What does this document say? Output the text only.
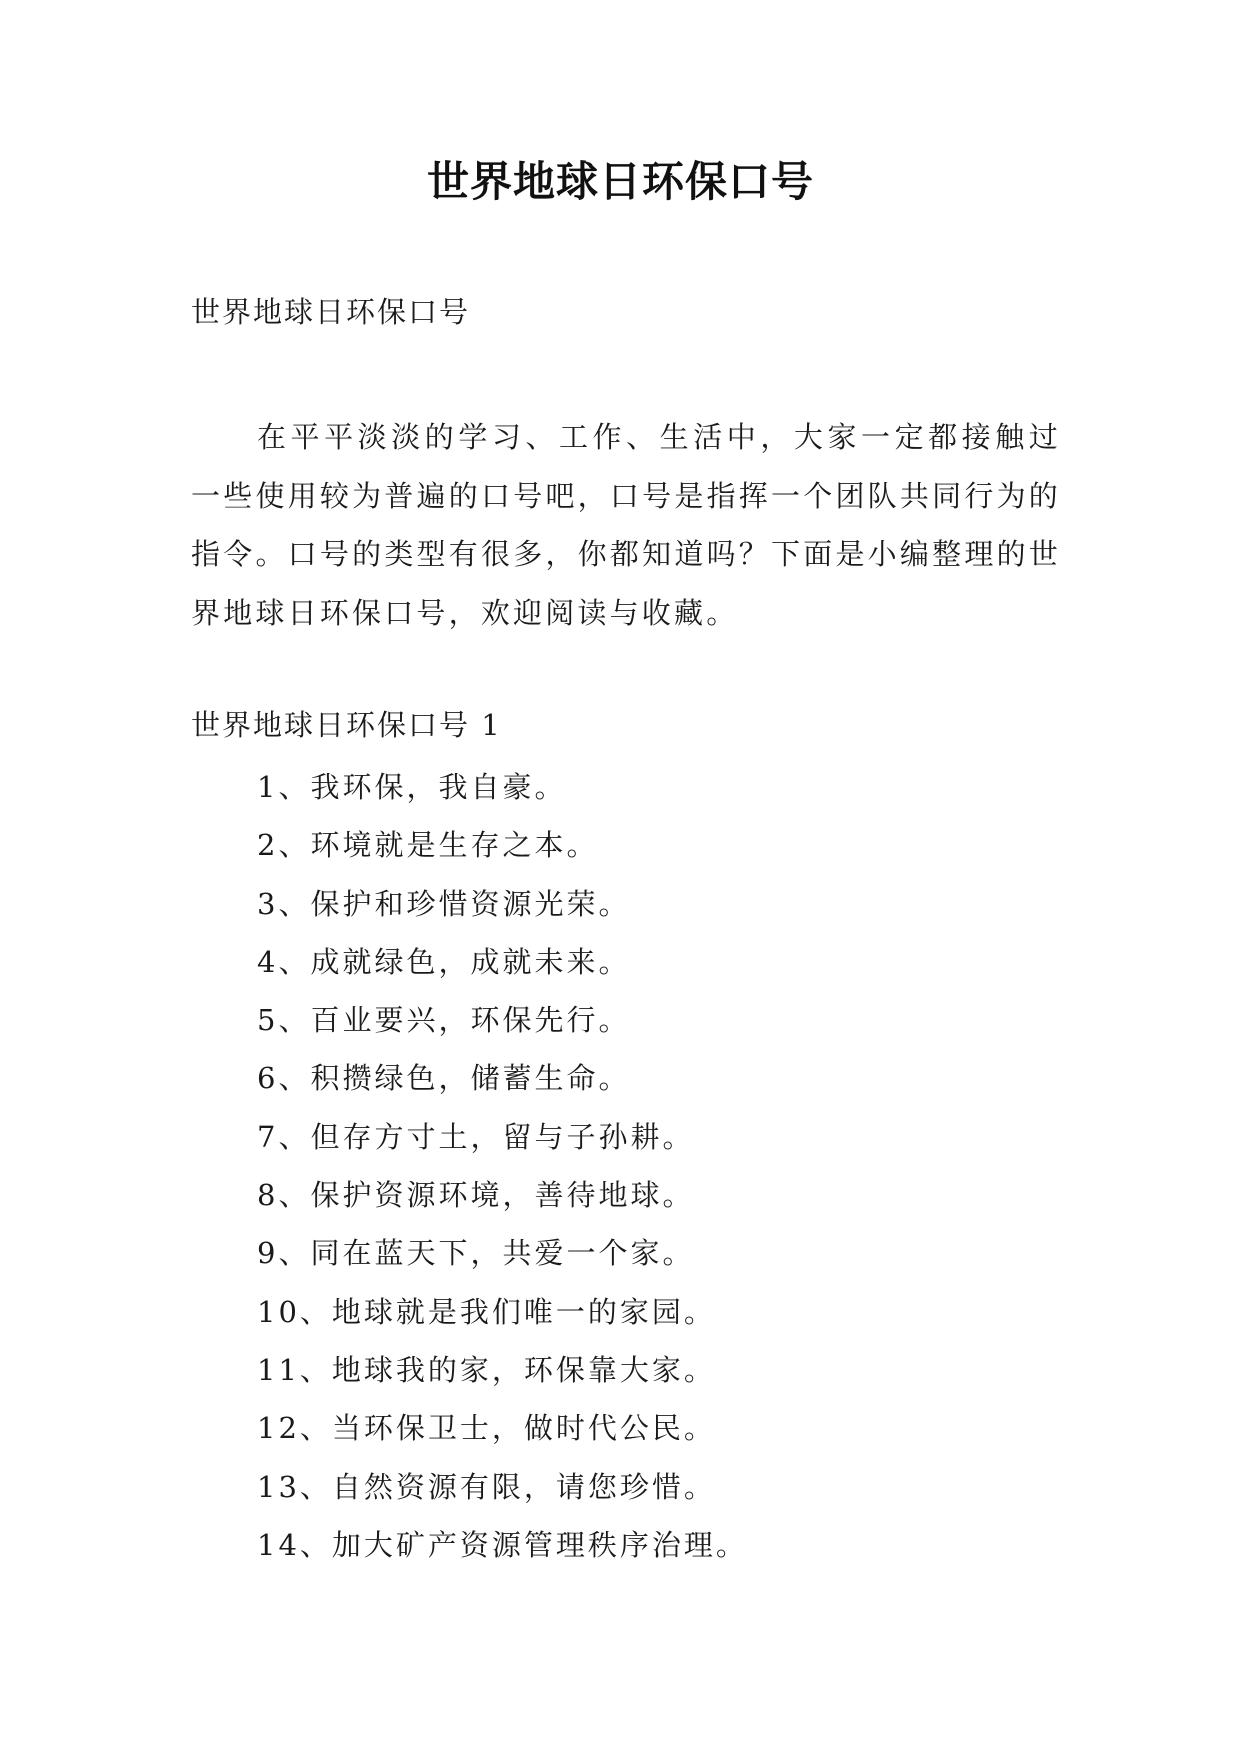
世界地球日环保口号

世界地球日环保口号

在平平淡淡的学习、工作、生活中，大家一定都接触过一些使用较为普遍的口号吧，口号是指挥一个团队共同行为的指令。口号的类型有很多，你都知道吗？下面是小编整理的世界地球日环保口号，欢迎阅读与收藏。

世界地球日环保口号 1

1、我环保，我自豪。
2、环境就是生存之本。
3、保护和珍惜资源光荣。
4、成就绿色，成就未来。
5、百业要兴，环保先行。
6、积攒绿色，储蓄生命。
7、但存方寸土，留与子孙耕。
8、保护资源环境，善待地球。
9、同在蓝天下，共爱一个家。
10、地球就是我们唯一的家园。
11、地球我的家，环保靠大家。
12、当环保卫士，做时代公民。
13、自然资源有限，请您珍惜。
14、加大矿产资源管理秩序治理。
